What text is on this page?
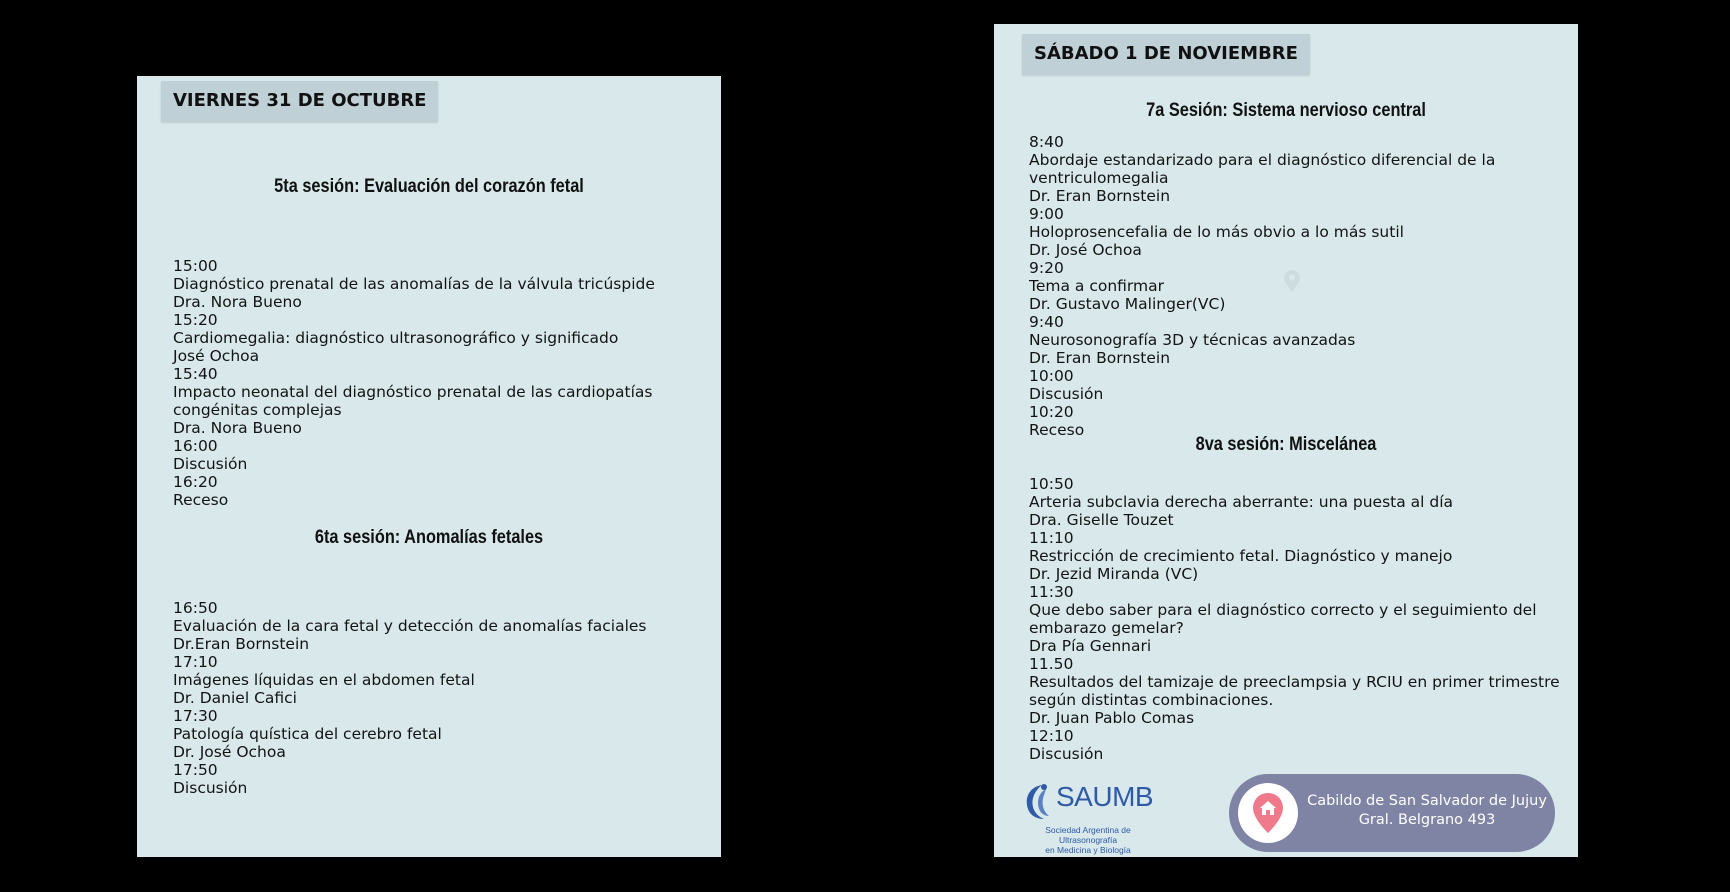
VIERNES 31 DE OCTUBRE
5ta sesión: Evaluación del corazón fetal
15:00
Diagnóstico prenatal de las anomalías de la válvula tricúspide
Dra. Nora Bueno
15:20
Cardiomegalia: diagnóstico ultrasonográfico y significado
José Ochoa
15:40
Impacto neonatal del diagnóstico prenatal de las cardiopatías
congénitas complejas
Dra. Nora Bueno
16:00
Discusión
16:20
Receso
6ta sesión: Anomalías fetales
16:50
Evaluación de la cara fetal y detección de anomalías faciales
Dr.Eran Bornstein
17:10
Imágenes líquidas en el abdomen fetal
Dr. Daniel Cafici
17:30
Patología quística del cerebro fetal
Dr. José Ochoa
17:50
Discusión
SÁBADO 1 DE NOVIEMBRE
7a Sesión: Sistema nervioso central
8:40
Abordaje estandarizado para el diagnóstico diferencial de la
ventriculomegalia
Dr. Eran Bornstein
9:00
Holoprosencefalia de lo más obvio a lo más sutil
Dr. José Ochoa
9:20
Tema a confirmar
Dr. Gustavo Malinger(VC)
9:40
Neurosonografía 3D y técnicas avanzadas
Dr. Eran Bornstein
10:00
Discusión
10:20
Receso
8va sesión: Miscelánea
10:50
Arteria subclavia derecha aberrante: una puesta al día
Dra. Giselle Touzet
11:10
Restricción de crecimiento fetal. Diagnóstico y manejo
Dr. Jezid Miranda (VC)
11:30
Que debo saber para el diagnóstico correcto y el seguimiento del
embarazo gemelar?
Dra Pía Gennari
11.50
Resultados del tamizaje de preeclampsia y RCIU en primer trimestre
según distintas combinaciones.
Dr. Juan Pablo Comas
12:10
Discusión
SAUMB
Sociedad Argentina de Ultrasonografía
en Medicina y Biología
Cabildo de San Salvador de Jujuy
Gral. Belgrano 493
